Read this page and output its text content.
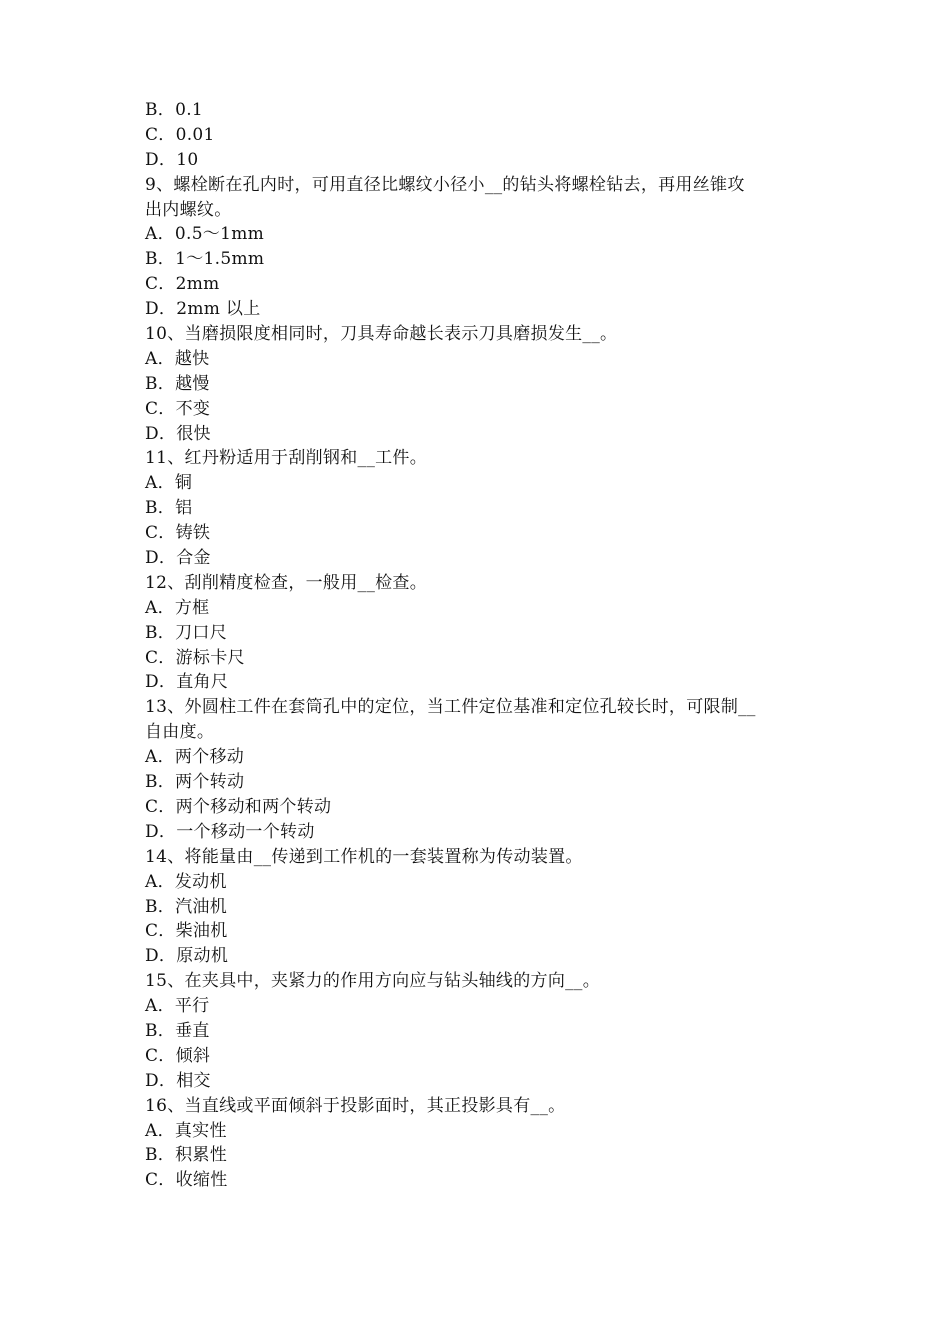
B．0.1
C．0.01
D．10
9、螺栓断在孔内时，可用直径比螺纹小径小__的钻头将螺栓钻去，再用丝锥攻
出内螺纹。
A．0.5～1mm
B．1～1.5mm
C．2mm
D．2mm 以上
10、当磨损限度相同时，刀具寿命越长表示刀具磨损发生__。
A．越快
B．越慢
C．不变
D．很快
11、红丹粉适用于刮削钢和__工件。
A．铜
B．铝
C．铸铁
D．合金
12、刮削精度检查，一般用__检查。
A．方框
B．刀口尺
C．游标卡尺
D．直角尺
13、外圆柱工件在套筒孔中的定位，当工件定位基准和定位孔较长时，可限制__
自由度。
A．两个移动
B．两个转动
C．两个移动和两个转动
D．一个移动一个转动
14、将能量由__传递到工作机的一套装置称为传动装置。
A．发动机
B．汽油机
C．柴油机
D．原动机
15、在夹具中，夹紧力的作用方向应与钻头轴线的方向__。
A．平行
B．垂直
C．倾斜
D．相交
16、当直线或平面倾斜于投影面时，其正投影具有__。
A．真实性
B．积累性
C．收缩性
